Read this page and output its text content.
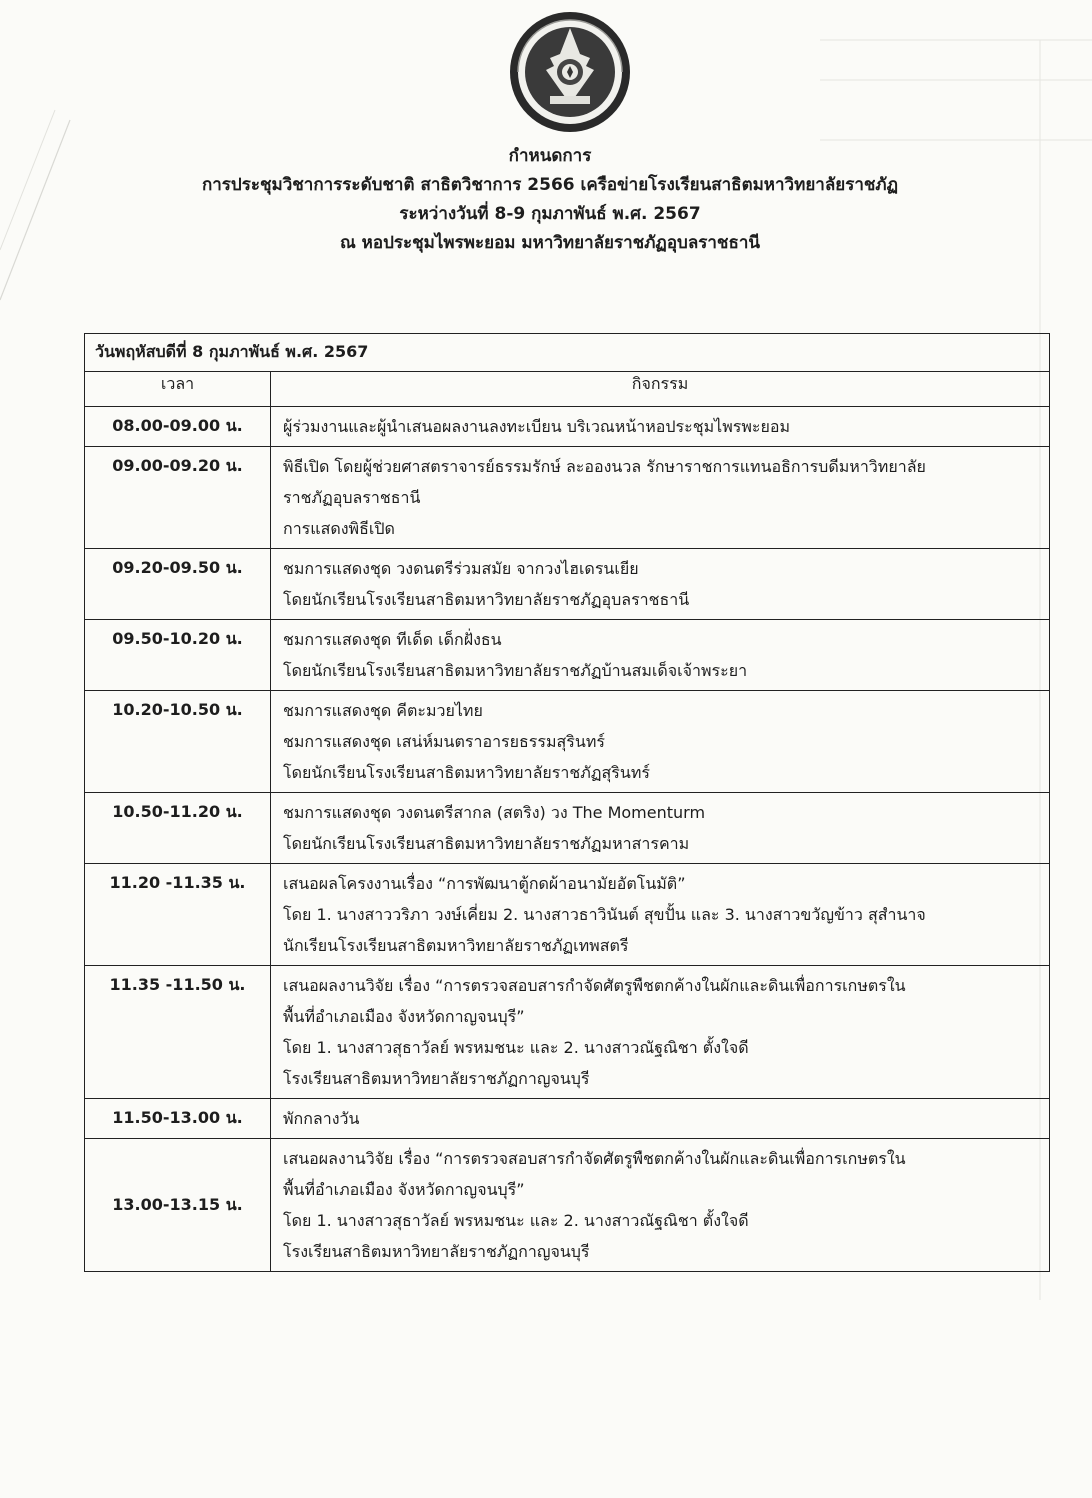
กำหนดการ
การประชุมวิชาการระดับชาติ สาธิตวิชาการ 2566 เครือข่ายโรงเรียนสาธิตมหาวิทยาลัยราชภัฏ
ระหว่างวันที่ 8-9 กุมภาพันธ์ พ.ศ. 2567
ณ หอประชุมไพรพะยอม มหาวิทยาลัยราชภัฏอุบลราชธานี
วันพฤหัสบดีที่ 8 กุมภาพันธ์ พ.ศ. 2567	
เวลา	กิจกรรม
08.00-09.00 น.	ผู้ร่วมงานและผู้นำเสนอผลงานลงทะเบียน บริเวณหน้าหอประชุมไพรพะยอม

09.00-09.20 น.	พิธีเปิด โดยผู้ช่วยศาสตราจารย์ธรรมรักษ์ ละอองนวล รักษาราชการแทนอธิการบดีมหาวิทยาลัย
ราชภัฏอุบลราชธานี
การแสดงพิธีเปิด

09.20-09.50 น.	ชมการแสดงชุด วงดนตรีร่วมสมัย จากวงไฮเดรนเยีย
โดยนักเรียนโรงเรียนสาธิตมหาวิทยาลัยราชภัฏอุบลราชธานี

09.50-10.20 น.	ชมการแสดงชุด ทีเด็ด เด็กฝั่งธน
โดยนักเรียนโรงเรียนสาธิตมหาวิทยาลัยราชภัฏบ้านสมเด็จเจ้าพระยา

10.20-10.50 น.	ชมการแสดงชุด คีตะมวยไทย
ชมการแสดงชุด เสน่ห์มนตราอารยธรรมสุรินทร์
โดยนักเรียนโรงเรียนสาธิตมหาวิทยาลัยราชภัฏสุรินทร์

10.50-11.20 น.	ชมการแสดงชุด วงดนตรีสากล (สตริง) วง The Momenturm
โดยนักเรียนโรงเรียนสาธิตมหาวิทยาลัยราชภัฏมหาสารคาม

11.20 -11.35 น.	เสนอผลโครงงานเรื่อง “การพัฒนาตู้กดผ้าอนามัยอัตโนมัติ”
โดย 1. นางสาววริภา วงษ์เคี่ยม 2. นางสาวธาวินันต์ สุขปั้น และ 3. นางสาวขวัญข้าว สุสำนาจ
นักเรียนโรงเรียนสาธิตมหาวิทยาลัยราชภัฏเทพสตรี

11.35 -11.50 น.	เสนอผลงานวิจัย เรื่อง “การตรวจสอบสารกำจัดศัตรูพืชตกค้างในผักและดินเพื่อการเกษตรใน
พื้นที่อำเภอเมือง จังหวัดกาญจนบุรี”
โดย 1. นางสาวสุธาวัลย์ พรหมชนะ และ 2. นางสาวณัฐณิชา ตั้งใจดี
โรงเรียนสาธิตมหาวิทยาลัยราชภัฏกาญจนบุรี

11.50-13.00 น.	พักกลางวัน

13.00-13.15 น.	เสนอผลงานวิจัย เรื่อง “การตรวจสอบสารกำจัดศัตรูพืชตกค้างในผักและดินเพื่อการเกษตรใน
พื้นที่อำเภอเมือง จังหวัดกาญจนบุรี”
โดย 1. นางสาวสุธาวัลย์ พรหมชนะ และ 2. นางสาวณัฐณิชา ตั้งใจดี
โรงเรียนสาธิตมหาวิทยาลัยราชภัฏกาญจนบุรี
